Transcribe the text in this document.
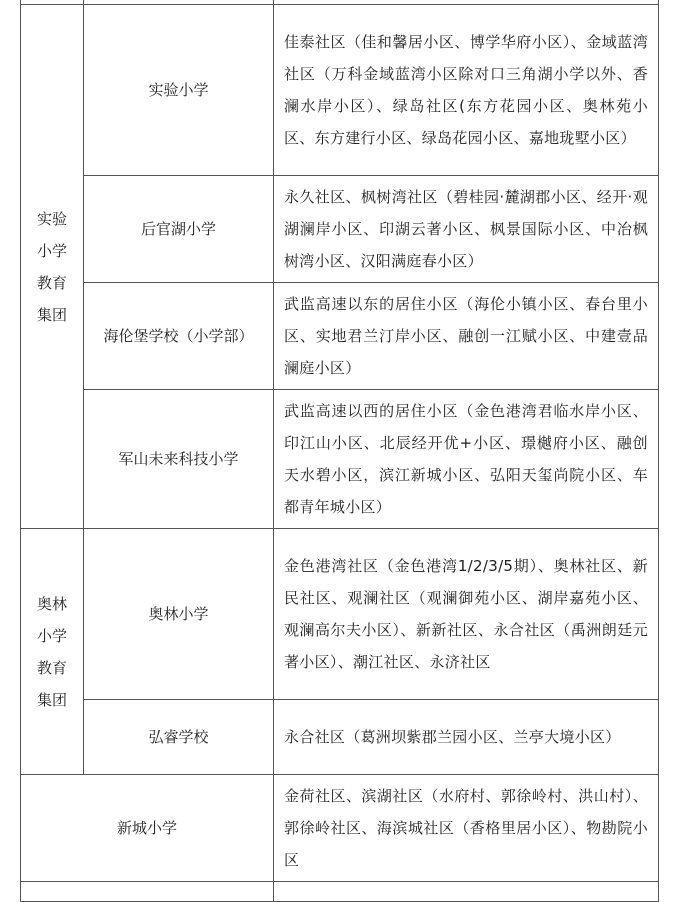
实验小学教育集团	实验小学	佳泰社区（佳和馨居小区、博学华府小区）、金域蓝湾社区（万科金域蓝湾小区除对口三角湖小学以外、香澜水岸小区）、绿岛社区(东方花园小区、奥林苑小区、东方建行小区、绿岛花园小区、嘉地珑墅小区）
	后官湖小学	永久社区、枫树湾社区（碧桂园·麓湖郡小区、经开·观湖澜岸小区、印湖云著小区、枫景国际小区、中冶枫树湾小区、汉阳满庭春小区）
	海伦堡学校（小学部）	武监高速以东的居住小区（海伦小镇小区、春台里小区、实地君兰汀岸小区、融创一江赋小区、中建壹品澜庭小区）
	军山未来科技小学	武监高速以西的居住小区（金色港湾君临水岸小区、印江山小区、北辰经开优+小区、璟樾府小区、融创天水碧小区，滨江新城小区、弘阳天玺尚院小区、车都青年城小区）

奥林小学教育集团	奥林小学	金色港湾社区（金色港湾1/2/3/5期）、奥林社区、新民社区、观澜社区（观澜御苑小区、湖岸嘉苑小区、观澜高尔夫小区）、新新社区、永合社区（禹洲朗廷元著小区）、潮江社区、永济社区
	弘睿学校	永合社区（葛洲坝紫郡兰园小区、兰亭大境小区）
新城小学		金荷社区、滨湖社区（水府村、郭徐岭村、洪山村）、郭徐岭社区、海滨城社区（香格里居小区）、物勘院小区
